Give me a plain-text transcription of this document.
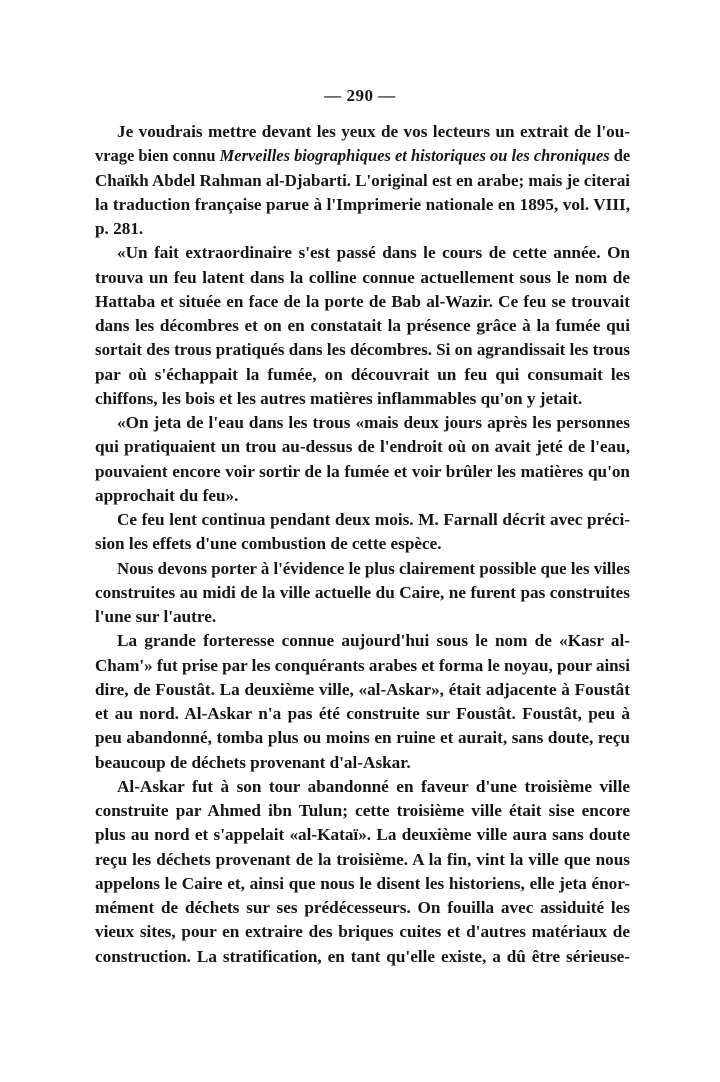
— 290 —
Je voudrais mettre devant les yeux de vos lecteurs un extrait de l'ou-
vrage bien connu Merveilles biographiques et historiques ou les chroniques de
Chaïkh Abdel Rahman al-Djabarti. L'original est en arabe; mais je citerai
la traduction française parue à l'Imprimerie nationale en 1895, vol. VIII,
p. 281.
«Un fait extraordinaire s'est passé dans le cours de cette année. On
trouva un feu latent dans la colline connue actuellement sous le nom de
Hattaba et située en face de la porte de Bab al-Wazir. Ce feu se trouvait
dans les décombres et on en constatait la présence grâce à la fumée qui
sortait des trous pratiqués dans les décombres. Si on agrandissait les trous
par où s'échappait la fumée, on découvrait un feu qui consumait les
chiffons, les bois et les autres matières inflammables qu'on y jetait.
«On jeta de l'eau dans les trous «mais deux jours après les personnes
qui pratiquaient un trou au-dessus de l'endroit où on avait jeté de l'eau,
pouvaient encore voir sortir de la fumée et voir brûler les matières qu'on
approchait du feu».
Ce feu lent continua pendant deux mois. M. Farnall décrit avec préci-
sion les effets d'une combustion de cette espèce.
Nous devons porter à l'évidence le plus clairement possible que les villes
construites au midi de la ville actuelle du Caire, ne furent pas construites
l'une sur l'autre.
La grande forteresse connue aujourd'hui sous le nom de «Kasr al-
Cham'» fut prise par les conquérants arabes et forma le noyau, pour ainsi
dire, de Foustât. La deuxième ville, «al-Askar», était adjacente à Foustât
et au nord. Al-Askar n'a pas été construite sur Foustât. Foustât, peu à
peu abandonné, tomba plus ou moins en ruine et aurait, sans doute, reçu
beaucoup de déchets provenant d'al-Askar.
Al-Askar fut à son tour abandonné en faveur d'une troisième ville
construite par Ahmed ibn Tulun; cette troisième ville était sise encore
plus au nord et s'appelait «al-Kataï». La deuxième ville aura sans doute
reçu les déchets provenant de la troisième. A la fin, vint la ville que nous
appelons le Caire et, ainsi que nous le disent les historiens, elle jeta énor-
mément de déchets sur ses prédécesseurs. On fouilla avec assiduité les
vieux sites, pour en extraire des briques cuites et d'autres matériaux de
construction. La stratification, en tant qu'elle existe, a dû être sérieuse-
